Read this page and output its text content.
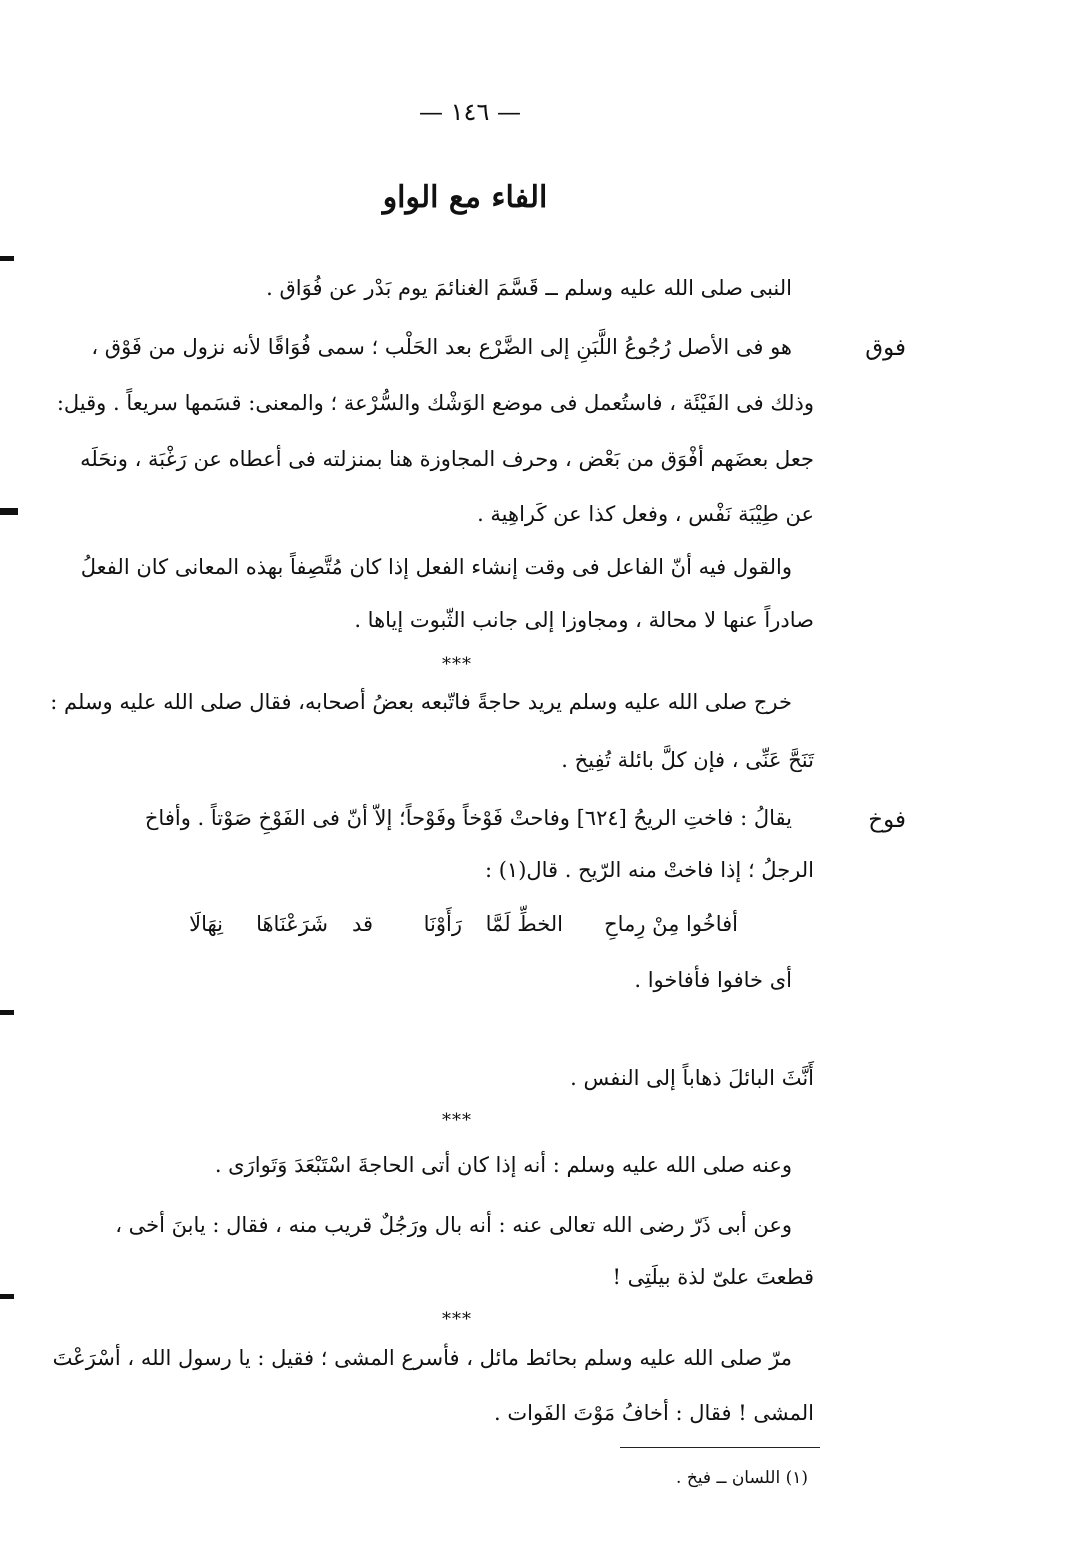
— ١٤٦ —
الفاء مع الواو
النبى صلى الله عليه وسلم ــ قَسَّمَ الغنائمَ يوم بَدْر عن فُوَاق .
فوق
هو فى الأصل رُجُوعُ اللَّبَنِ إلى الضَّرْع بعد الحَلْب ؛ سمى فُوَاقًا لأنه نزول من فَوْق ،
وذلك فى الفَيْئَة ، فاستُعمل فى موضع الوَشْك والسُّرْعة ؛ والمعنى: قسَمها سريعاً . وقيل:
جعل بعضَهم أفْوَق من بَعْض ، وحرف المجاوزة هنا بمنزلته فى أعطاه عن رَغْبَة ، ونحَلَه
عن طِيْبَة نَفْس ، وفعل كذا عن كَراهِية .
والقول فيه أنّ الفاعل فى وقت إنشاء الفعل إذا كان مُتَّصِفاً بهذه المعانى كان الفعلُ
صادراً عنها لا محالة ، ومجاوزا إلى جانب الثّبوت إياها .
***
خرج صلى الله عليه وسلم يريد حاجةً فاتّبعه بعضُ أصحابه، فقال صلى الله عليه وسلم :
تَنَحَّ عَنِّى ، فإن كلَّ بائلة تُفِيخ .
فوخ
يقالُ : فاختِ الريحُ [٦٢٤] وفاحتْ فَوْخاً وفَوْحاً؛ إلاّ أنّ فى الفَوْخِ صَوْتاً . وأفاخ
الرجلُ ؛ إذا فاختْ منه الرّيح . قال(١) :
أفاخُوا مِنْ رِماحِ
الخطِّ لَمَّا
رَأَوْنَا
قد
شَرَعْنَاهَا
نِهَالَا
أى خافوا فأفاخوا .
أَنَّثَ البائلَ ذهاباً إلى النفس .
***
وعنه صلى الله عليه وسلم : أنه إذا كان أتى الحاجةَ اسْتَبْعَدَ وَتَوارَى .
وعن أبى ذَرّ رضى الله تعالى عنه : أنه بال ورَجُلٌ قريب منه ، فقال : يابنَ أخى ،
قطعتَ علىّ لذة بيلَتِى !
***
مرّ صلى الله عليه وسلم بحائط مائل ، فأسرع المشى ؛ فقيل : يا رسول الله ، أسْرَعْتَ
المشى ! فقال : أخافُ مَوْتَ الفَوات .
(١) اللسان ــ فيخ .
